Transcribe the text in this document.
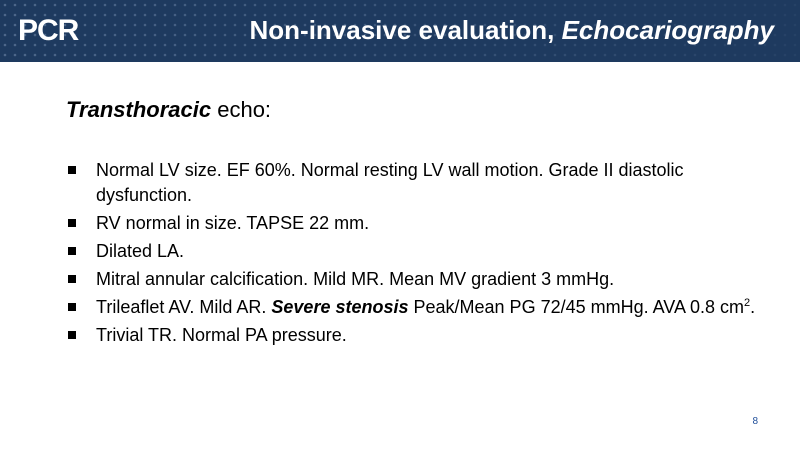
PCR	Non-invasive evaluation, Echocariography
Transthoracic echo:
Normal LV size. EF 60%. Normal resting LV wall motion. Grade II diastolic dysfunction.
RV normal in size. TAPSE 22 mm.
Dilated LA.
Mitral annular calcification. Mild MR. Mean MV gradient 3 mmHg.
Trileaflet AV. Mild AR. Severe stenosis Peak/Mean PG 72/45 mmHg. AVA 0.8 $cm^2$.
Trivial TR. Normal PA pressure.
8
